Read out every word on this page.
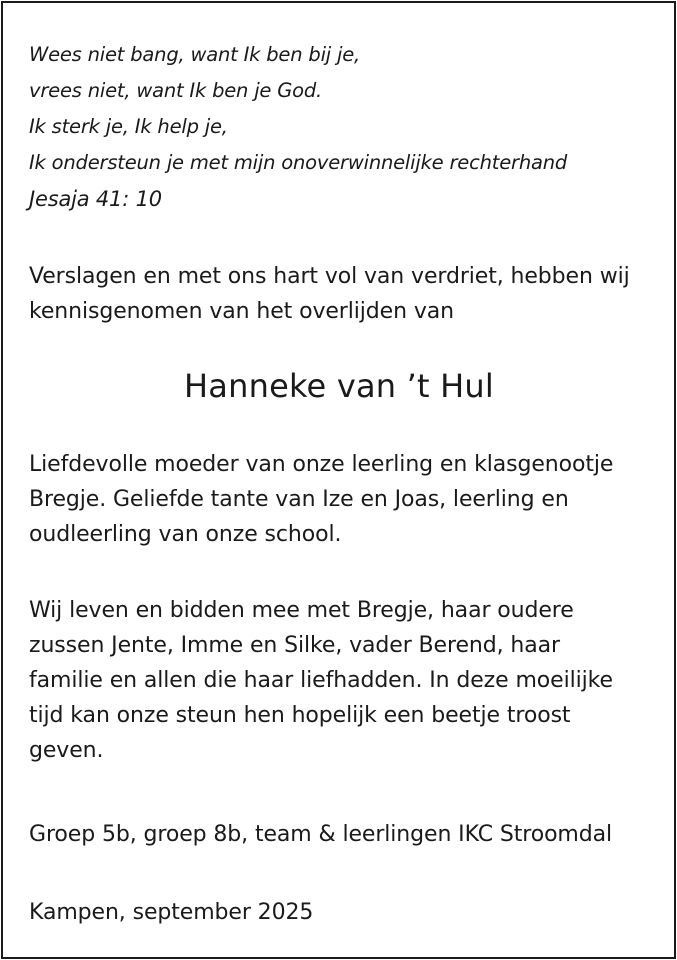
Wees niet bang, want Ik ben bij je,
vrees niet, want Ik ben je God.
Ik sterk je, Ik help je,
Ik ondersteun je met mijn onoverwinnelijke rechterhand
Jesaja 41: 10
Verslagen en met ons hart vol van verdriet, hebben wij
kennisgenomen van het overlijden van
Hanneke van ’t Hul
Liefdevolle moeder van onze leerling en klasgenootje
Bregje. Geliefde tante van Ize en Joas, leerling en
oudleerling van onze school.
Wij leven en bidden mee met Bregje, haar oudere
zussen Jente, Imme en Silke, vader Berend, haar
familie en allen die haar liefhadden. In deze moeilijke
tijd kan onze steun hen hopelijk een beetje troost
geven.
Groep 5b, groep 8b, team & leerlingen IKC Stroomdal
Kampen, september 2025
